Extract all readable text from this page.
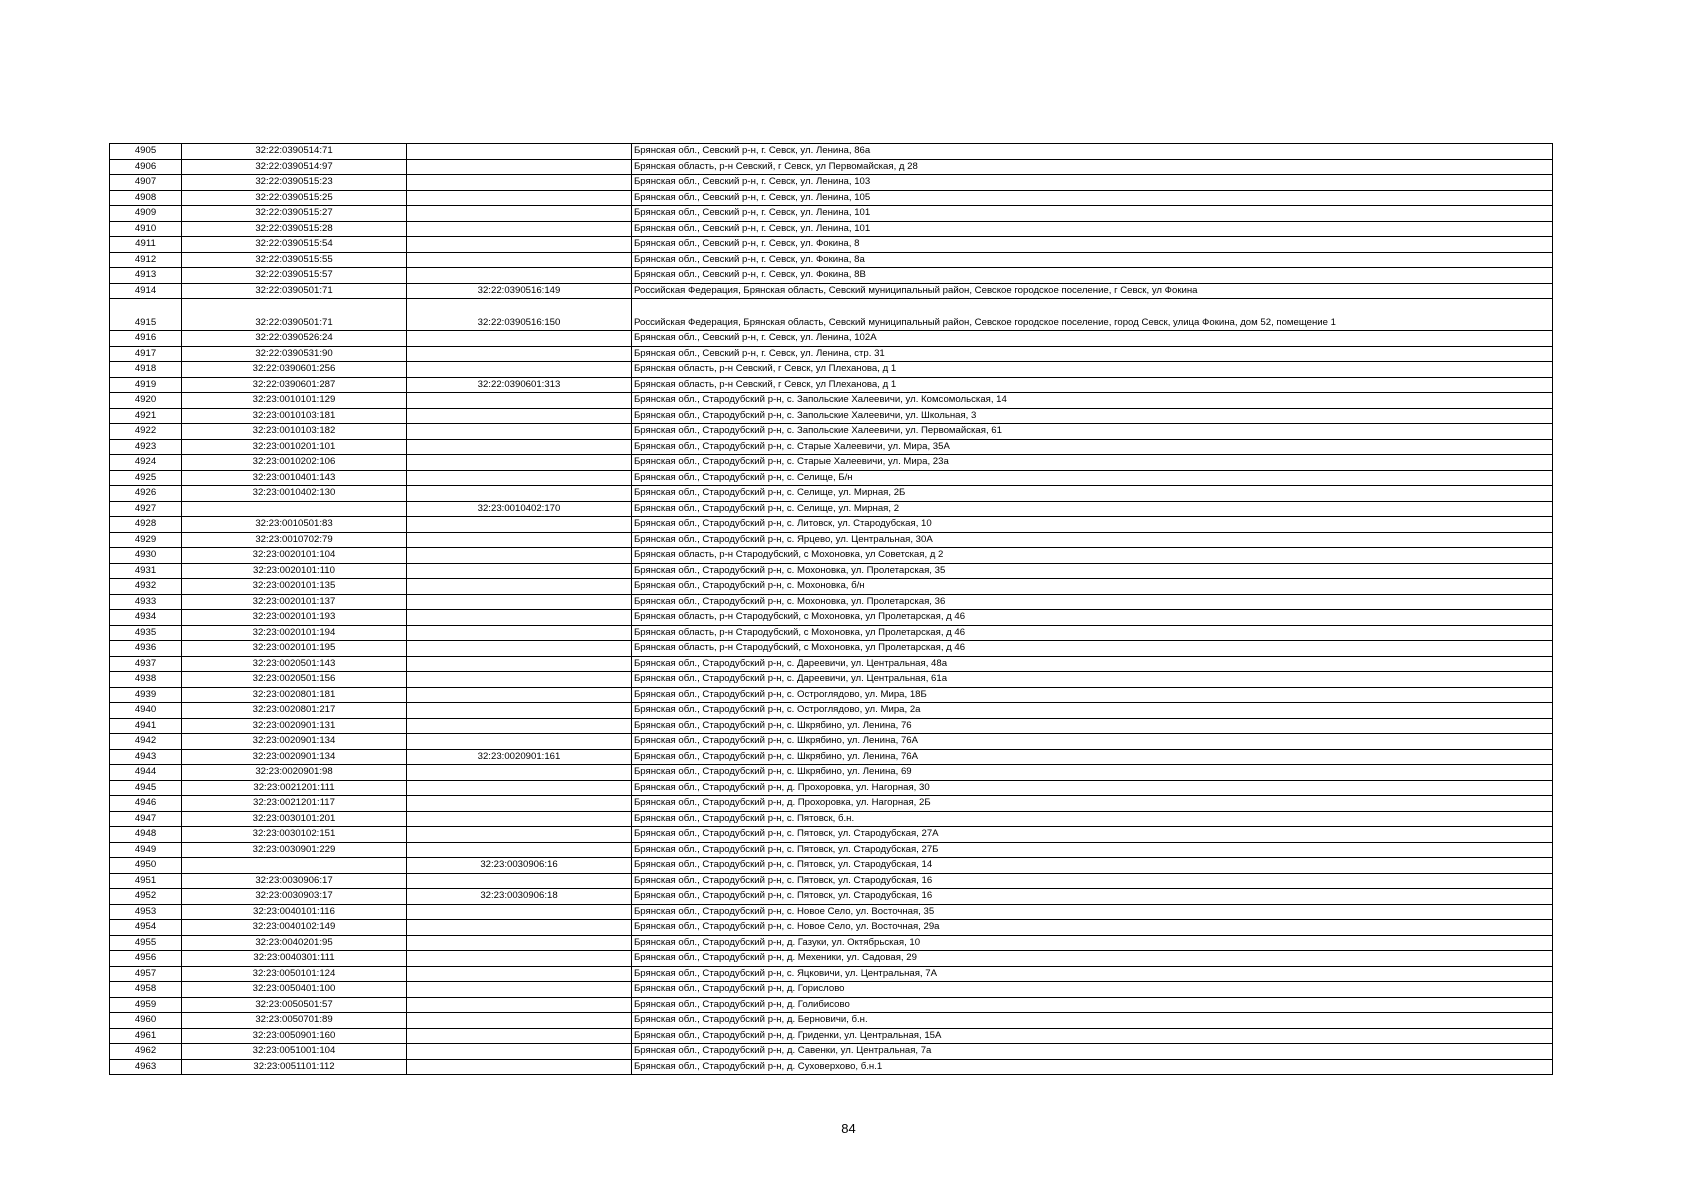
4905	32:22:0390514:71		Брянская обл., Севский р-н, г. Севск, ул. Ленина, 86а
4906	32:22:0390514:97		Брянская область, р-н Севский, г Севск, ул Первомайская, д 28
4907	32:22:0390515:23		Брянская обл., Севский р-н, г. Севск, ул. Ленина, 103
4908	32:22:0390515:25		Брянская обл., Севский р-н, г. Севск, ул. Ленина, 105
4909	32:22:0390515:27		Брянская обл., Севский р-н, г. Севск, ул. Ленина, 101
4910	32:22:0390515:28		Брянская обл., Севский р-н, г. Севск, ул. Ленина, 101
4911	32:22:0390515:54		Брянская обл., Севский р-н, г. Севск, ул. Фокина, 8
4912	32:22:0390515:55		Брянская обл., Севский р-н, г. Севск, ул. Фокина, 8а
4913	32:22:0390515:57		Брянская обл., Севский р-н, г. Севск, ул. Фокина, 8В
4914	32:22:0390501:71	32:22:0390516:149	Российская Федерация, Брянская область, Севский муниципальный район, Севское городское поселение, г Севск, ул Фокина
4915	32:22:0390501:71	32:22:0390516:150	Российская Федерация, Брянская область, Севский муниципальный район, Севское городское поселение, город Севск, улица Фокина, дом 52, помещение 1
4916	32:22:0390526:24		Брянская обл., Севский р-н, г. Севск, ул. Ленина, 102А
4917	32:22:0390531:90		Брянская обл., Севский р-н, г. Севск, ул. Ленина, стр. 31
4918	32:22:0390601:256		Брянская область, р-н Севский, г Севск, ул Плеханова, д 1
4919	32:22:0390601:287	32:22:0390601:313	Брянская область, р-н Севский, г Севск, ул Плеханова, д 1
4920	32:23:0010101:129		Брянская обл., Стародубский р-н, с. Запольские Халеевичи, ул. Комсомольская, 14
4921	32:23:0010103:181		Брянская обл., Стародубский р-н, с. Запольские Халеевичи, ул. Школьная, 3
4922	32:23:0010103:182		Брянская обл., Стародубский р-н, с. Запольские Халеевичи, ул. Первомайская, 61
4923	32:23:0010201:101		Брянская обл., Стародубский р-н, с. Старые Халеевичи, ул. Мира, 35А
4924	32:23:0010202:106		Брянская обл., Стародубский р-н, с. Старые Халеевичи, ул. Мира, 23а
4925	32:23:0010401:143		Брянская обл., Стародубский р-н, с. Селище, Б/н
4926	32:23:0010402:130		Брянская обл., Стародубский р-н, с. Селище, ул. Мирная, 2Б
4927		32:23:0010402:170	Брянская обл., Стародубский р-н, с. Селище, ул. Мирная, 2
4928	32:23:0010501:83		Брянская обл., Стародубский р-н, с. Литовск, ул. Стародубская, 10
4929	32:23:0010702:79		Брянская обл., Стародубский р-н, с. Ярцево, ул. Центральная, 30А
4930	32:23:0020101:104		Брянская область, р-н Стародубский, с Мохоновка, ул Советская, д 2
4931	32:23:0020101:110		Брянская обл., Стародубский р-н, с. Мохоновка, ул. Пролетарская, 35
4932	32:23:0020101:135		Брянская обл., Стародубский р-н, с. Мохоновка, б/н
4933	32:23:0020101:137		Брянская обл., Стародубский р-н, с. Мохоновка, ул. Пролетарская, 36
4934	32:23:0020101:193		Брянская область, р-н Стародубский, с Мохоновка, ул Пролетарская, д 46
4935	32:23:0020101:194		Брянская область, р-н Стародубский, с Мохоновка, ул Пролетарская, д 46
4936	32:23:0020101:195		Брянская область, р-н Стародубский, с Мохоновка, ул Пролетарская, д 46
4937	32:23:0020501:143		Брянская обл., Стародубский р-н, с. Дареевичи, ул. Центральная, 48а
4938	32:23:0020501:156		Брянская обл., Стародубский р-н, с. Дареевичи, ул. Центральная, 61а
4939	32:23:0020801:181		Брянская обл., Стародубский р-н, с. Остроглядово, ул. Мира, 18Б
4940	32:23:0020801:217		Брянская обл., Стародубский р-н, с. Остроглядово, ул. Мира, 2а
4941	32:23:0020901:131		Брянская обл., Стародубский р-н, с. Шкрябино, ул. Ленина, 76
4942	32:23:0020901:134		Брянская обл., Стародубский р-н, с. Шкрябино, ул. Ленина, 76А
4943	32:23:0020901:134	32:23:0020901:161	Брянская обл., Стародубский р-н, с. Шкрябино, ул. Ленина, 76А
4944	32:23:0020901:98		Брянская обл., Стародубский р-н, с. Шкрябино, ул. Ленина, 69
4945	32:23:0021201:111		Брянская обл., Стародубский р-н, д. Прохоровка, ул. Нагорная, 30
4946	32:23:0021201:117		Брянская обл., Стародубский р-н, д. Прохоровка, ул. Нагорная, 2Б
4947	32:23:0030101:201		Брянская обл., Стародубский р-н, с. Пятовск, б.н.
4948	32:23:0030102:151		Брянская обл., Стародубский р-н, с. Пятовск, ул. Стародубская, 27А
4949	32:23:0030901:229		Брянская обл., Стародубский р-н, с. Пятовск, ул. Стародубская, 27Б
4950		32:23:0030906:16	Брянская обл., Стародубский р-н, с. Пятовск, ул. Стародубская, 14
4951	32:23:0030906:17		Брянская обл., Стародубский р-н, с. Пятовск, ул. Стародубская, 16
4952	32:23:0030903:17	32:23:0030906:18	Брянская обл., Стародубский р-н, с. Пятовск, ул. Стародубская, 16
4953	32:23:0040101:116		Брянская обл., Стародубский р-н, с. Новое Село, ул. Восточная, 35
4954	32:23:0040102:149		Брянская обл., Стародубский р-н, с. Новое Село, ул. Восточная, 29а
4955	32:23:0040201:95		Брянская обл., Стародубский р-н, д. Газуки, ул. Октябрьская, 10
4956	32:23:0040301:111		Брянская обл., Стародубский р-н, д. Мехеники, ул. Садовая, 29
4957	32:23:0050101:124		Брянская обл., Стародубский р-н, с. Яцковичи, ул. Центральная, 7А
4958	32:23:0050401:100		Брянская обл., Стародубский р-н, д. Горислово
4959	32:23:0050501:57		Брянская обл., Стародубский р-н, д. Голибисово
4960	32:23:0050701:89		Брянская обл., Стародубский р-н, д. Берновичи, б.н.
4961	32:23:0050901:160		Брянская обл., Стародубский р-н, д. Гриденки, ул. Центральная, 15А
4962	32:23:0051001:104		Брянская обл., Стародубский р-н, д. Савенки, ул. Центральная, 7а
4963	32:23:0051101:112		Брянская обл., Стародубский р-н, д. Суховерхово, б.н.1
84
